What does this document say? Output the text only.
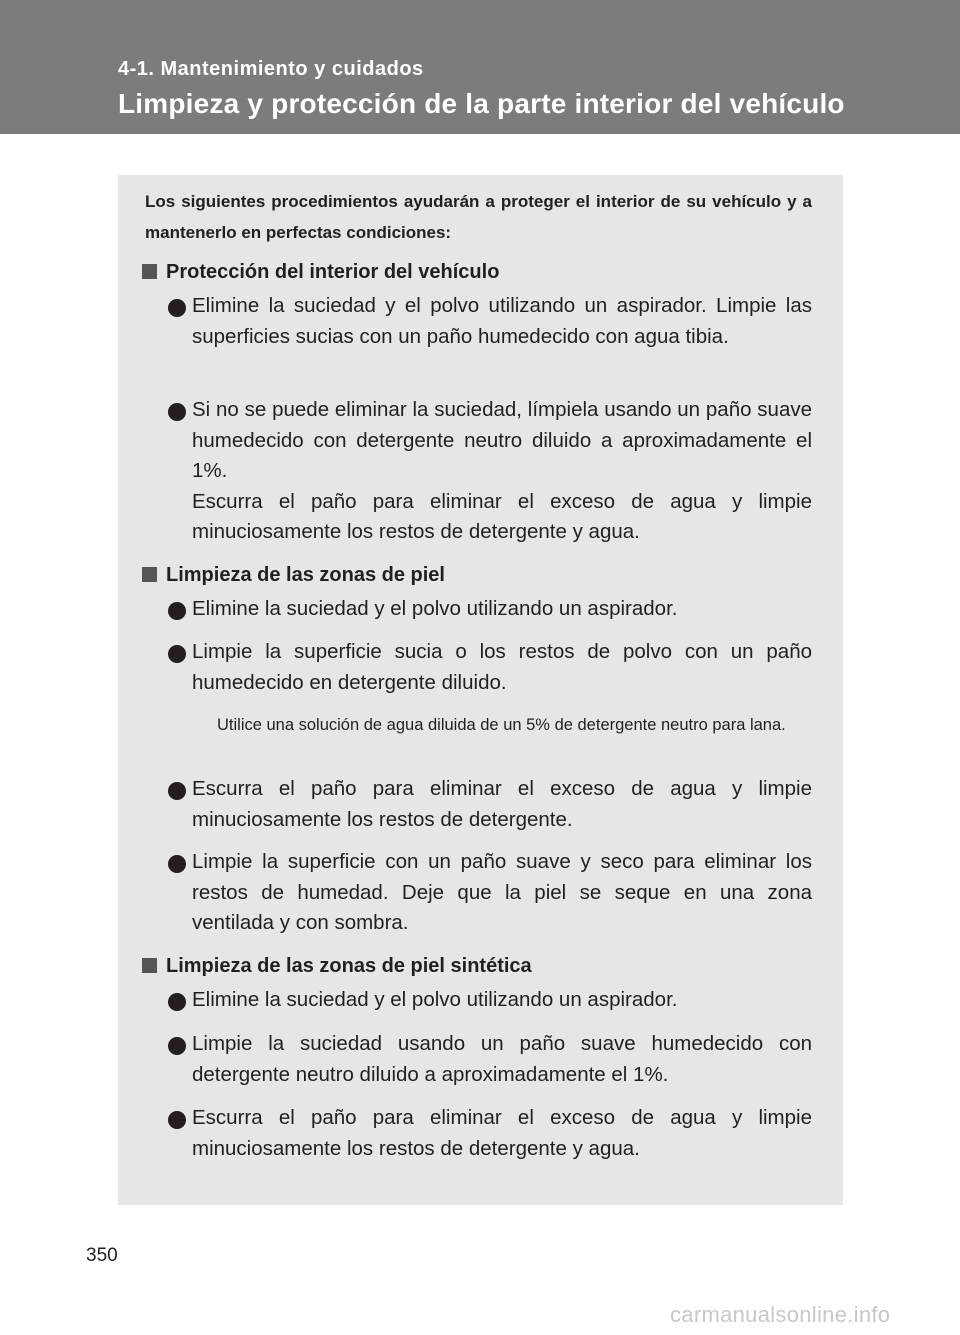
4-1. Mantenimiento y cuidados
Limpieza y protección de la parte interior del vehículo
Los siguientes procedimientos ayudarán a proteger el interior de su vehículo y a mantenerlo en perfectas condiciones:
Protección del interior del vehículo
Elimine la suciedad y el polvo utilizando un aspirador. Limpie las superficies sucias con un paño humedecido con agua tibia.

Si no se puede eliminar la suciedad, límpiela usando un paño suave humedecido con detergente neutro diluido a aproximadamente el 1%.

Escurra el paño para eliminar el exceso de agua y limpie minuciosamente los restos de detergente y agua.

Limpieza de las zonas de piel
Elimine la suciedad y el polvo utilizando un aspirador.
Limpie la superficie sucia o los restos de polvo con un paño humedecido en detergente diluido.
Utilice una solución de agua diluida de un 5% de detergente neutro para lana.
Escurra el paño para eliminar el exceso de agua y limpie minuciosamente los restos de detergente.
Limpie la superficie con un paño suave y seco para eliminar los restos de humedad. Deje que la piel se seque en una zona ventilada y con sombra.
Limpieza de las zonas de piel sintética
Elimine la suciedad y el polvo utilizando un aspirador.
Limpie la suciedad usando un paño suave humedecido con detergente neutro diluido a aproximadamente el 1%.
Escurra el paño para eliminar el exceso de agua y limpie minuciosamente los restos de detergente y agua.
350
carmanualsonline.info
